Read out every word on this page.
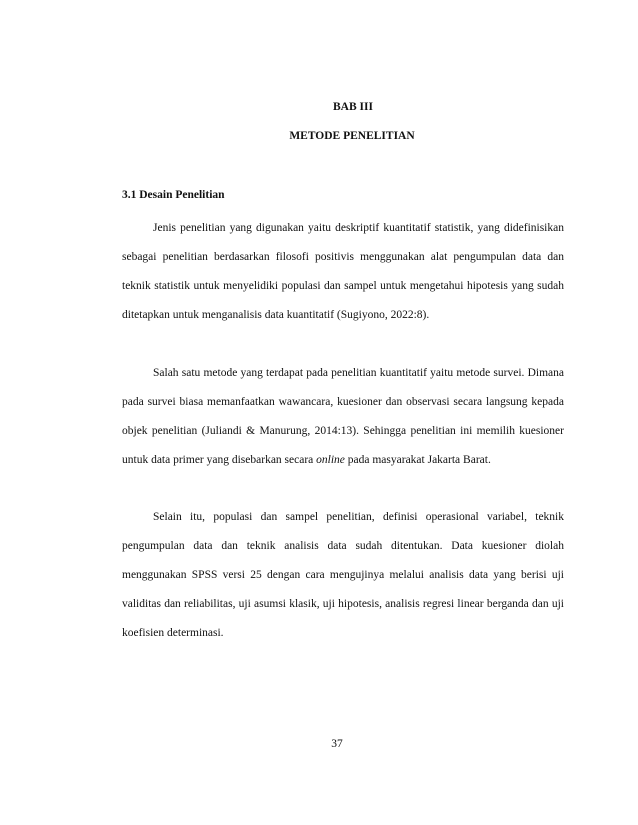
BAB III
METODE PENELITIAN
3.1 Desain Penelitian

Jenis penelitian yang digunakan yaitu deskriptif kuantitatif statistik, yang didefinisikan sebagai penelitian berdasarkan filosofi positivis menggunakan alat pengumpulan data dan teknik statistik untuk menyelidiki populasi dan sampel untuk mengetahui hipotesis yang sudah ditetapkan untuk menganalisis data kuantitatif (Sugiyono, 2022:8).

Salah satu metode yang terdapat pada penelitian kuantitatif yaitu metode survei. Dimana pada survei biasa memanfaatkan wawancara, kuesioner dan observasi secara langsung kepada objek penelitian (Juliandi & Manurung, 2014:13). Sehingga penelitian ini memilih kuesioner untuk data primer yang disebarkan secara online pada masyarakat Jakarta Barat.

Selain itu, populasi dan sampel penelitian, definisi operasional variabel, teknik pengumpulan data dan teknik analisis data sudah ditentukan. Data kuesioner diolah menggunakan SPSS versi 25 dengan cara mengujinya melalui analisis data yang berisi uji validitas dan reliabilitas, uji asumsi klasik, uji hipotesis, analisis regresi linear berganda dan uji koefisien determinasi.

37
